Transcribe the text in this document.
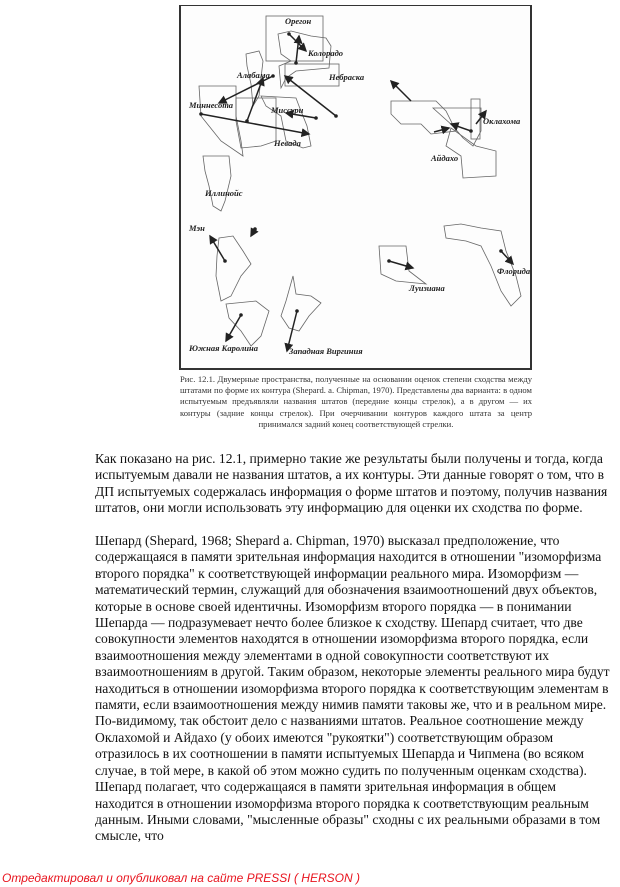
Орегон
Колорадо
Небраска
Алабама
Миннесота	Миссури
Невада
Оклахома
Айдахо
Иллинойс
Мэн
Южная Каролина	Западная Виргиния
Луизиана
Флорида
Рис. 12.1. Двумерные пространства, полученные на основании оценок степени сходства между штатами по форме их контура (Shepard. a. Chipman, 1970). Представлены два варианта: в одном испытуемым предъявляли названия штатов (передние концы стрелок), а в другом — их контуры (задние концы стрелок). При очерчивании контуров каждого штата за центр принимался задний конец соответствующей стрелки.

Как показано на рис. 12.1, примерно такие же результаты были получены и тогда, когда испытуемым давали не названия штатов, а их контуры. Эти данные говорят о том, что в ДП испытуемых содержалась информация о форме штатов и поэтому, получив названия штатов, они могли использовать эту информацию для оценки их сходства по форме.

Шепард (Shepard, 1968; Shepard a. Chipman, 1970) высказал предположение, что содержащаяся в памяти зрительная информация находится в отношении "изоморфизма второго порядка" к соответствующей информации реального мира. Изоморфизм — математический термин, служащий для обозначения взаимоотношений двух объектов, которые в основе своей идентичны. Изоморфизм второго порядка — в понимании Шепарда — подразумевает нечто более близкое к сходству. Шепард считает, что две совокупности элементов находятся в отношении изоморфизма второго порядка, если взаимоотношения между элементами в одной совокупности соответствуют их взаимоотношениям в другой. Таким образом, некоторые элементы реального мира будут находиться в отношении изоморфизма второго порядка к соответствующим элементам в памяти, если взаимоотношения между нимив памяти таковы же, что и в реальном мире. По-видимому, так обстоит дело с названиями штатов. Реальное соотношение между Оклахомой и Айдахо (у обоих имеются "рукоятки") соответствующим образом отразилось в их соотношении в памяти испытуемых Шепарда и Чипмена (во всяком случае, в той мере, в какой об этом можно судить по полученным оценкам сходства). Шепард полагает, что содержащаяся в памяти зрительная информация в общем находится в отношении изоморфизма второго порядка к соответствующим реальным данным. Иными словами, "мысленные образы" сходны с их реальными образами в том смысле, что

Отредактировал и опубликовал на сайте PRESSI ( HERSON )
